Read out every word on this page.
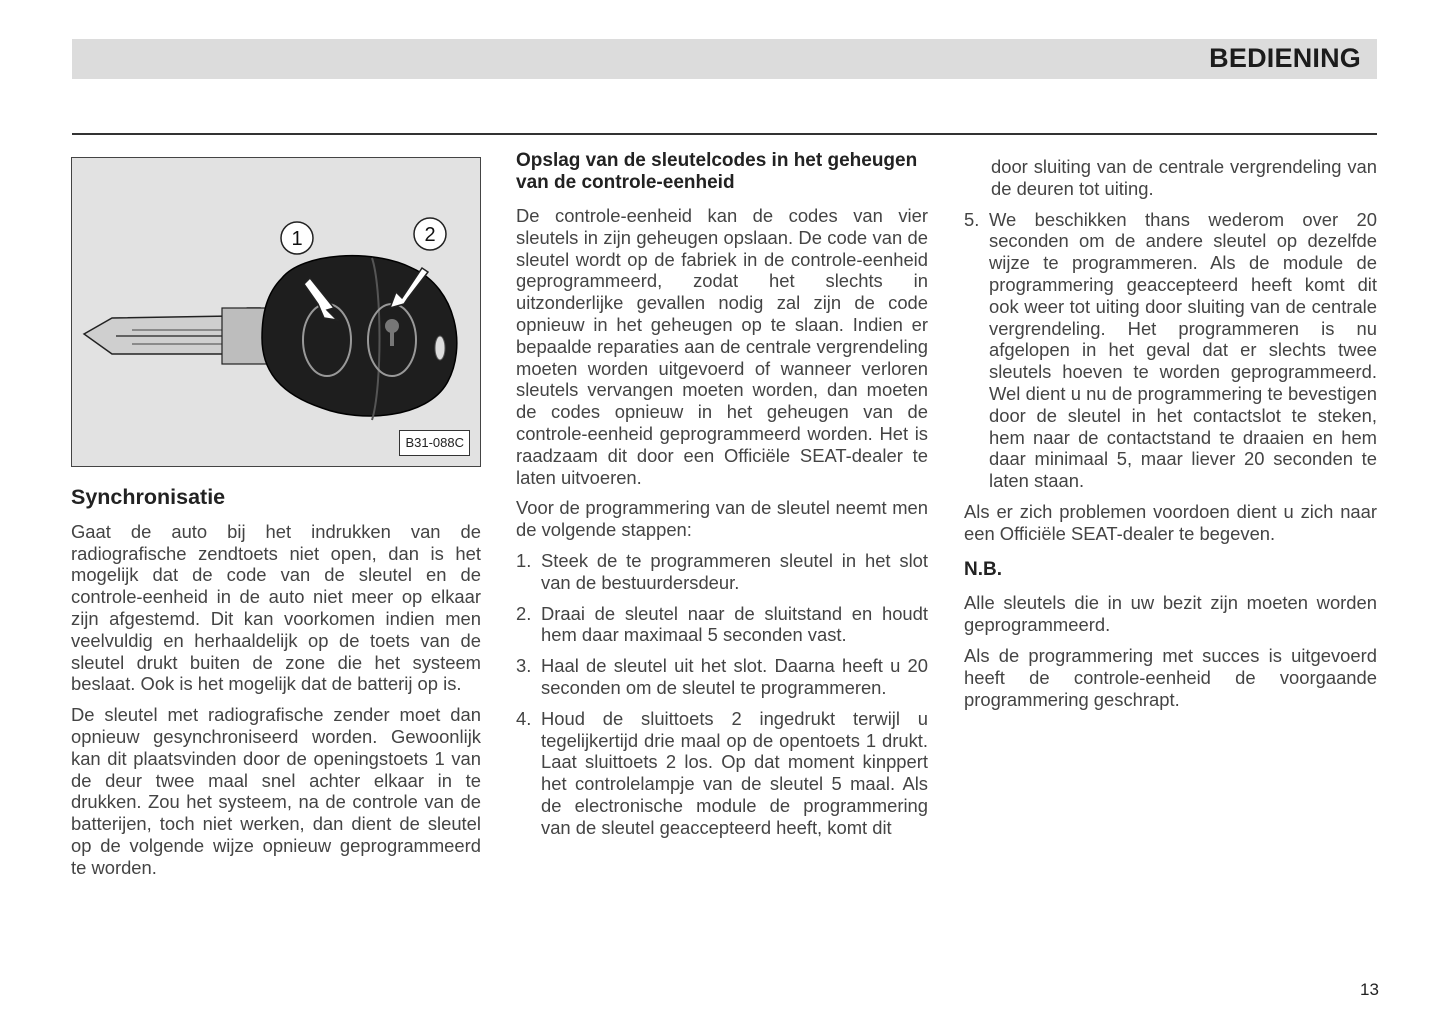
BEDIENING
1	2
B31-088C
Synchronisatie

Gaat de auto bij het indrukken van de radiografische zendtoets niet open, dan is het mogelijk dat de code van de sleutel en de controle-eenheid in de auto niet meer op elkaar zijn afgestemd. Dit kan voorkomen indien men veelvuldig en herhaaldelijk op de toets van de sleutel drukt buiten de zone die het systeem beslaat. Ook is het mogelijk dat de batterij op is.

De sleutel met radiografische zender moet dan opnieuw gesynchroniseerd worden. Gewoonlijk kan dit plaatsvinden door de openingstoets 1 van de deur twee maal snel achter elkaar in te drukken. Zou het systeem, na de controle van de batterijen, toch niet werken, dan dient de sleutel op de volgende wijze opnieuw geprogrammeerd te worden.

Opslag van de sleutelcodes in het geheugen van de controle-eenheid

De controle-eenheid kan de codes van vier sleutels in zijn geheugen opslaan. De code van de sleutel wordt op de fabriek in de controle-eenheid geprogrammeerd, zodat het slechts in uitzonderlijke gevallen nodig zal zijn de code opnieuw in het geheugen op te slaan. Indien er bepaalde reparaties aan de centrale vergrendeling moeten worden uitgevoerd of wanneer verloren sleutels vervangen moeten worden, dan moeten de codes opnieuw in het geheugen van de controle-eenheid geprogrammeerd worden. Het is raadzaam dit door een Officiële SEAT-dealer te laten uitvoeren.

Voor de programmering van de sleutel neemt men de volgende stappen:

1. Steek de te programmeren sleutel in het slot van de bestuurdersdeur.
2. Draai de sleutel naar de sluitstand en houdt hem daar maximaal 5 seconden vast.
3. Haal de sleutel uit het slot. Daarna heeft u 20 seconden om de sleutel te programmeren.
4. Houd de sluittoets 2 ingedrukt terwijl u tegelijkertijd drie maal op de opentoets 1 drukt. Laat sluittoets 2 los. Op dat moment kinppert het controlelampje van de sleutel 5 maal. Als de electronische module de programmering van de sleutel geaccepteerd heeft, komt dit
door sluiting van de centrale vergrendeling van de deuren tot uiting.
5. We beschikken thans wederom over 20 seconden om de andere sleutel op dezelfde wijze te programmeren. Als de module de programmering geaccepteerd heeft komt dit ook weer tot uiting door sluiting van de centrale vergrendeling. Het programmeren is nu afgelopen in het geval dat er slechts twee sleutels hoeven te worden geprogrammeerd. Wel dient u nu de programmering te bevestigen door de sleutel in het contactslot te steken, hem naar de contactstand te draaien en hem daar minimaal 5, maar liever 20 seconden te laten staan.

Als er zich problemen voordoen dient u zich naar een Officiële SEAT-dealer te begeven.

N.B.

Alle sleutels die in uw bezit zijn moeten worden geprogrammeerd.

Als de programmering met succes is uitgevoerd heeft de controle-eenheid de voorgaande programmering geschrapt.

13
